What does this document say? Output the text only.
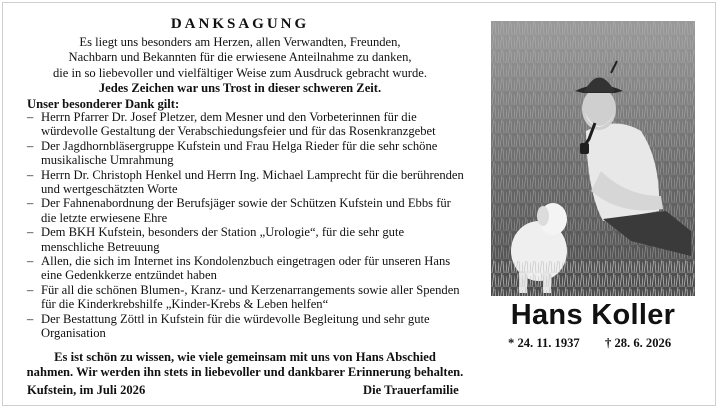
DANKSAGUNG
Es liegt uns besonders am Herzen, allen Verwandten, Freunden,
Nachbarn und Bekannten für die erwiesene Anteilnahme zu danken,
die in so liebevoller und vielfältiger Weise zum Ausdruck gebracht wurde.
Jedes Zeichen war uns Trost in dieser schweren Zeit.
Unser besonderer Dank gilt:
– Herrn Pfarrer Dr. Josef Pletzer, dem Mesner und den Vorbeterinnen für die würdevolle Gestaltung der Verabschiedungsfeier und für das Rosenkranzgebet
– Der Jagdhornbläsergruppe Kufstein und Frau Helga Rieder für die sehr schöne musikalische Umrahmung
– Herrn Dr. Christoph Henkel und Herrn Ing. Michael Lamprecht für die berührenden und wertgeschätzten Worte
– Der Fahnenabordnung der Berufsjäger sowie der Schützen Kufstein und Ebbs für die letzte erwiesene Ehre
– Dem BKH Kufstein, besonders der Station „Urologie“, für die sehr gute menschliche Betreuung
– Allen, die sich im Internet ins Kondolenzbuch eingetragen oder für unseren Hans eine Gedenkkerze entzündet haben
– Für all die schönen Blumen-, Kranz- und Kerzenarrangements sowie aller Spenden für die Kinderkrebshilfe „Kinder-Krebs & Leben helfen“
– Der Bestattung Zöttl in Kufstein für die würdevolle Begleitung und sehr gute Organisation
Es ist schön zu wissen, wie viele gemeinsam mit uns von Hans Abschied
nahmen. Wir werden ihn stets in liebevoller und dankbarer Erinnerung behalten.
Kufstein, im Juli 2026	Die Trauerfamilie
Hans Koller
* 24. 11. 1937 † 28. 6. 2026
